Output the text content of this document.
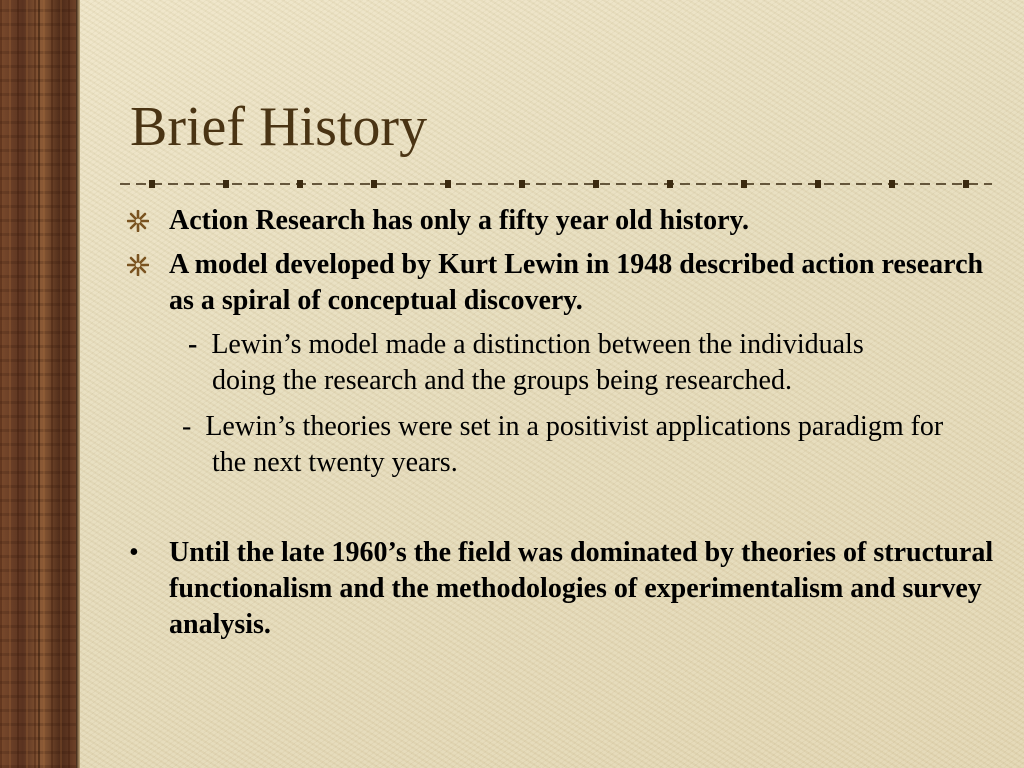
Brief History
Action Research has only a fifty year old history.
A model developed by Kurt Lewin in 1948 described action research as a spiral of conceptual discovery.
- Lewin’s model made a distinction between the individuals doing the research and the groups being researched.
- Lewin’s theories were set in a positivist applications paradigm for the next twenty years.
• Until the late 1960’s the field was dominated by theories of structural functionalism and the methodologies of experimentalism and survey analysis.
